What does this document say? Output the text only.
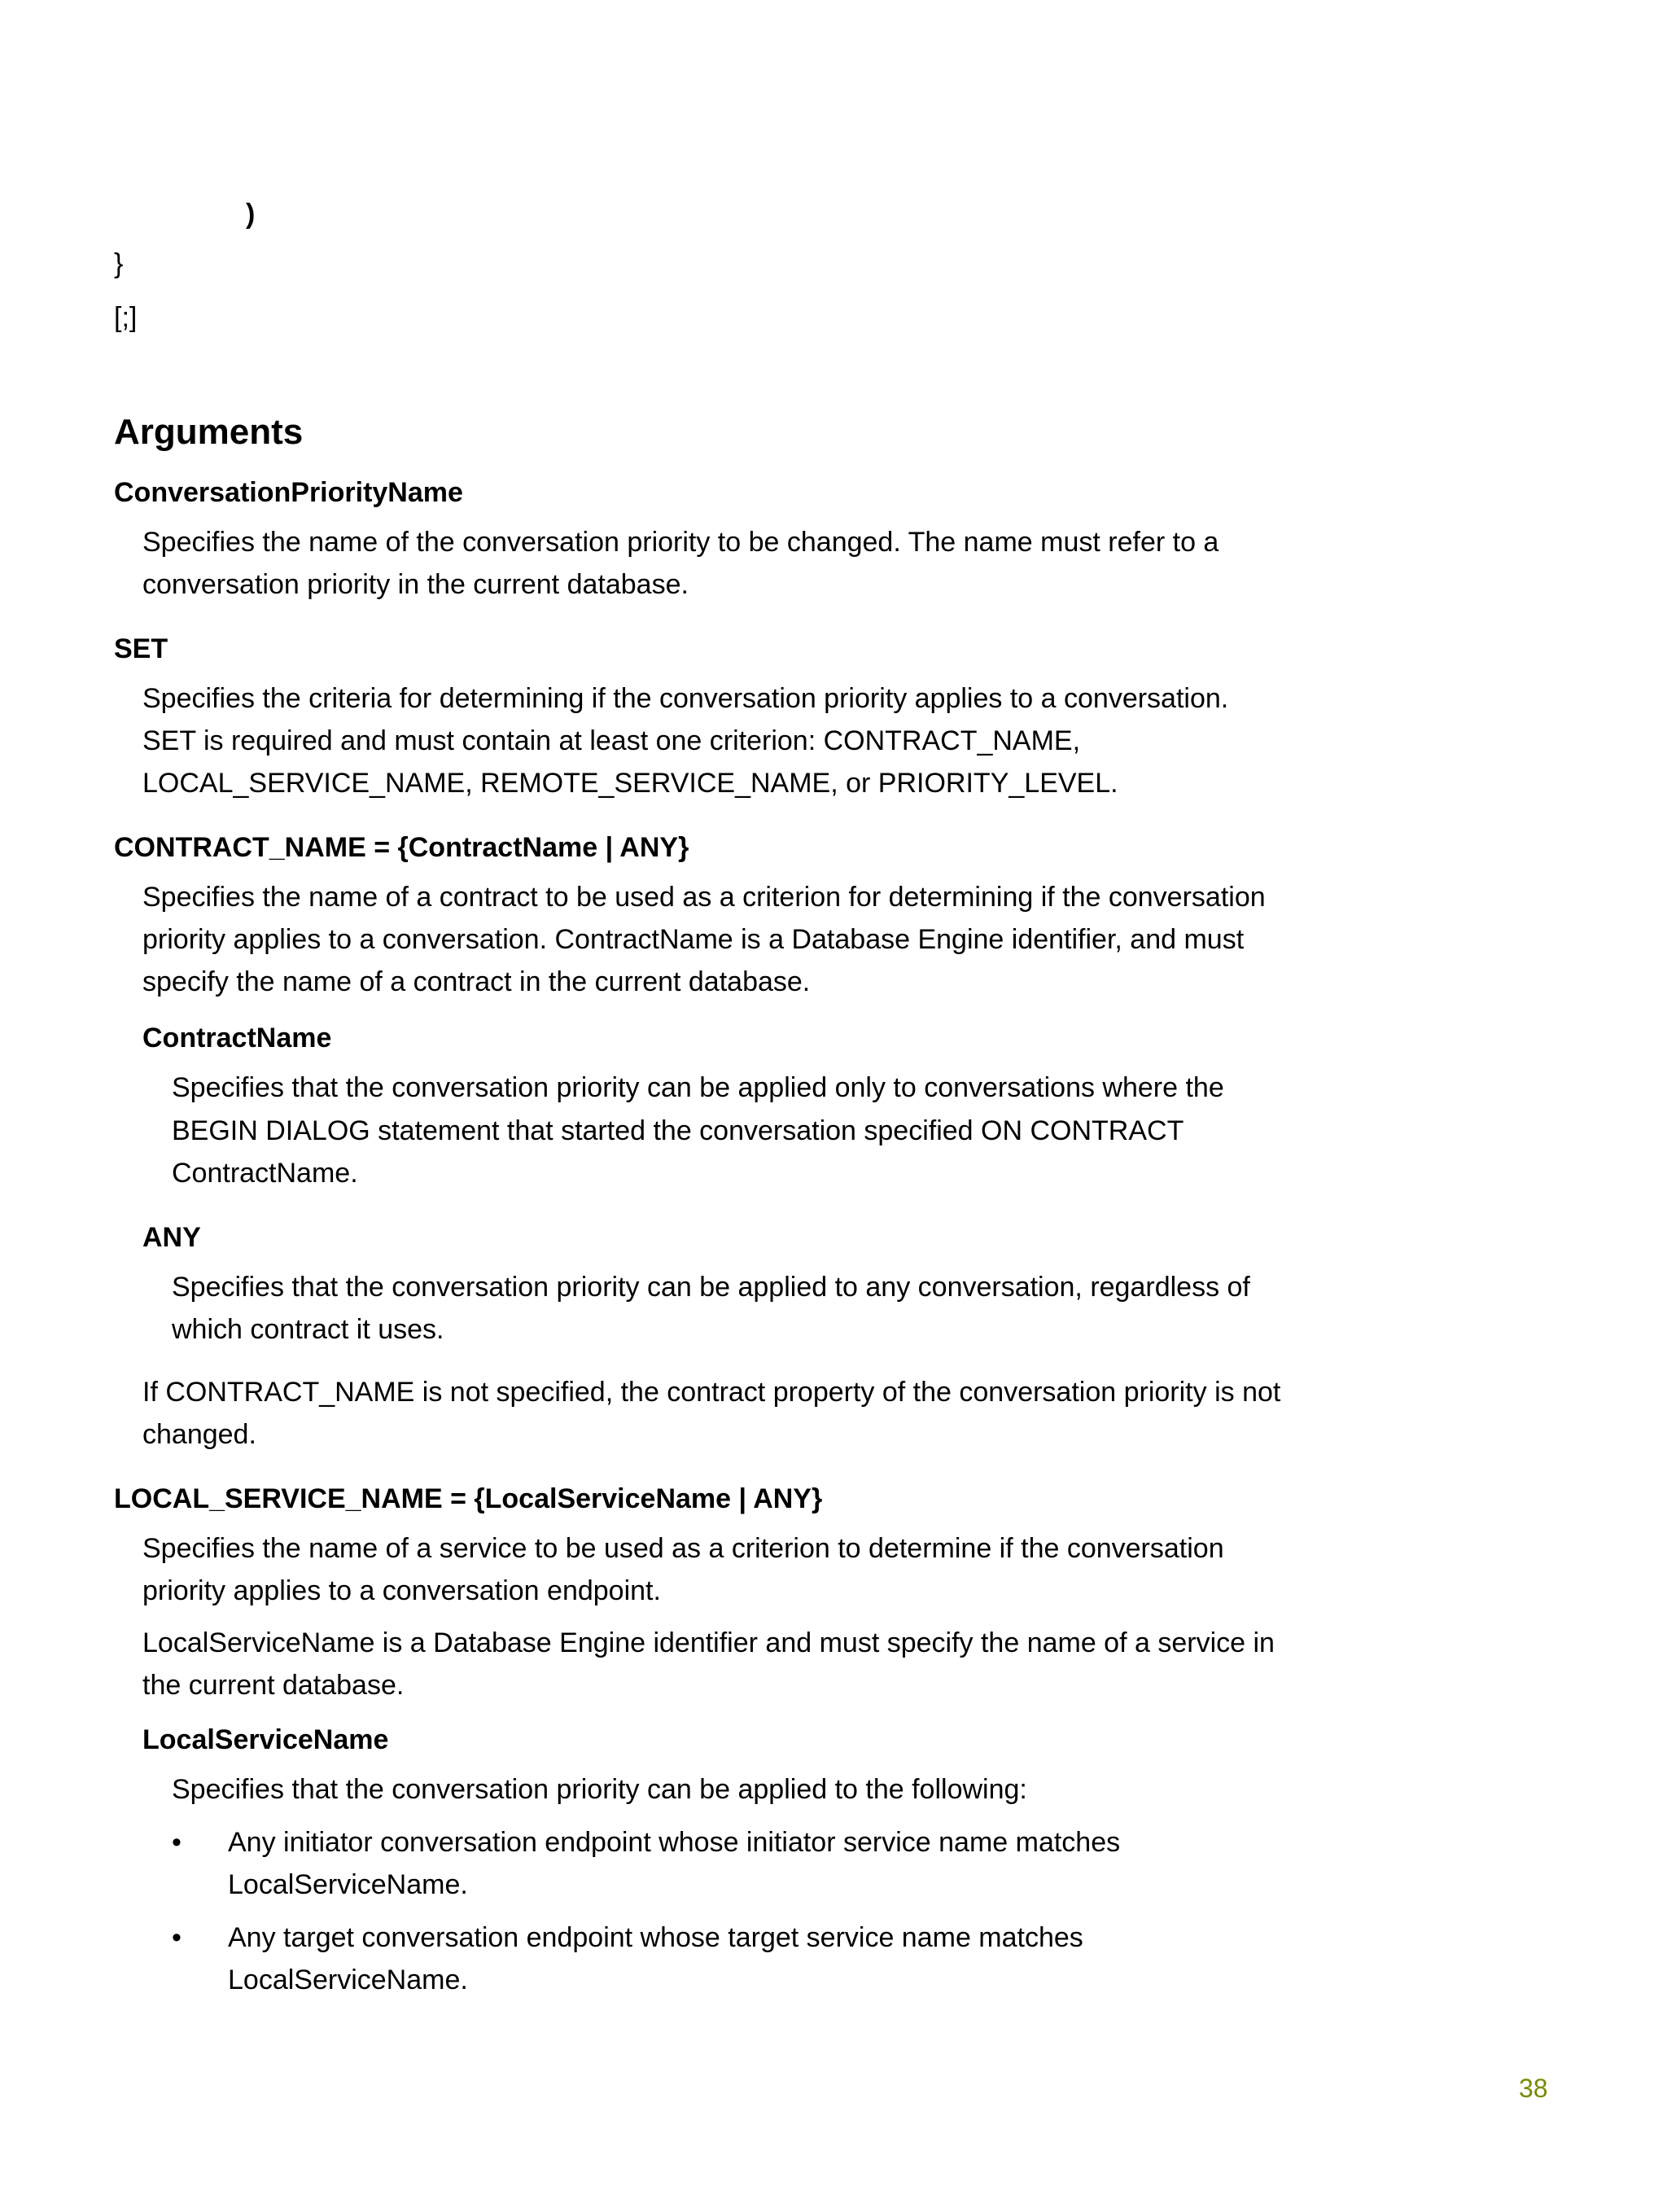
)
}
[;]
Arguments
ConversationPriorityName
Specifies the name of the conversation priority to be changed. The name must refer to a
conversation priority in the current database.
SET
Specifies the criteria for determining if the conversation priority applies to a conversation.
SET is required and must contain at least one criterion: CONTRACT_NAME,
LOCAL_SERVICE_NAME, REMOTE_SERVICE_NAME, or PRIORITY_LEVEL.
CONTRACT_NAME = {ContractName | ANY}
Specifies the name of a contract to be used as a criterion for determining if the conversation
priority applies to a conversation. ContractName is a Database Engine identifier, and must
specify the name of a contract in the current database.
ContractName
Specifies that the conversation priority can be applied only to conversations where the
BEGIN DIALOG statement that started the conversation specified ON CONTRACT
ContractName.
ANY
Specifies that the conversation priority can be applied to any conversation, regardless of
which contract it uses.
If CONTRACT_NAME is not specified, the contract property of the conversation priority is not
changed.
LOCAL_SERVICE_NAME = {LocalServiceName | ANY}
Specifies the name of a service to be used as a criterion to determine if the conversation
priority applies to a conversation endpoint.
LocalServiceName is a Database Engine identifier and must specify the name of a service in
the current database.
LocalServiceName
Specifies that the conversation priority can be applied to the following:
• Any initiator conversation endpoint whose initiator service name matches
LocalServiceName.
• Any target conversation endpoint whose target service name matches
LocalServiceName.
38
